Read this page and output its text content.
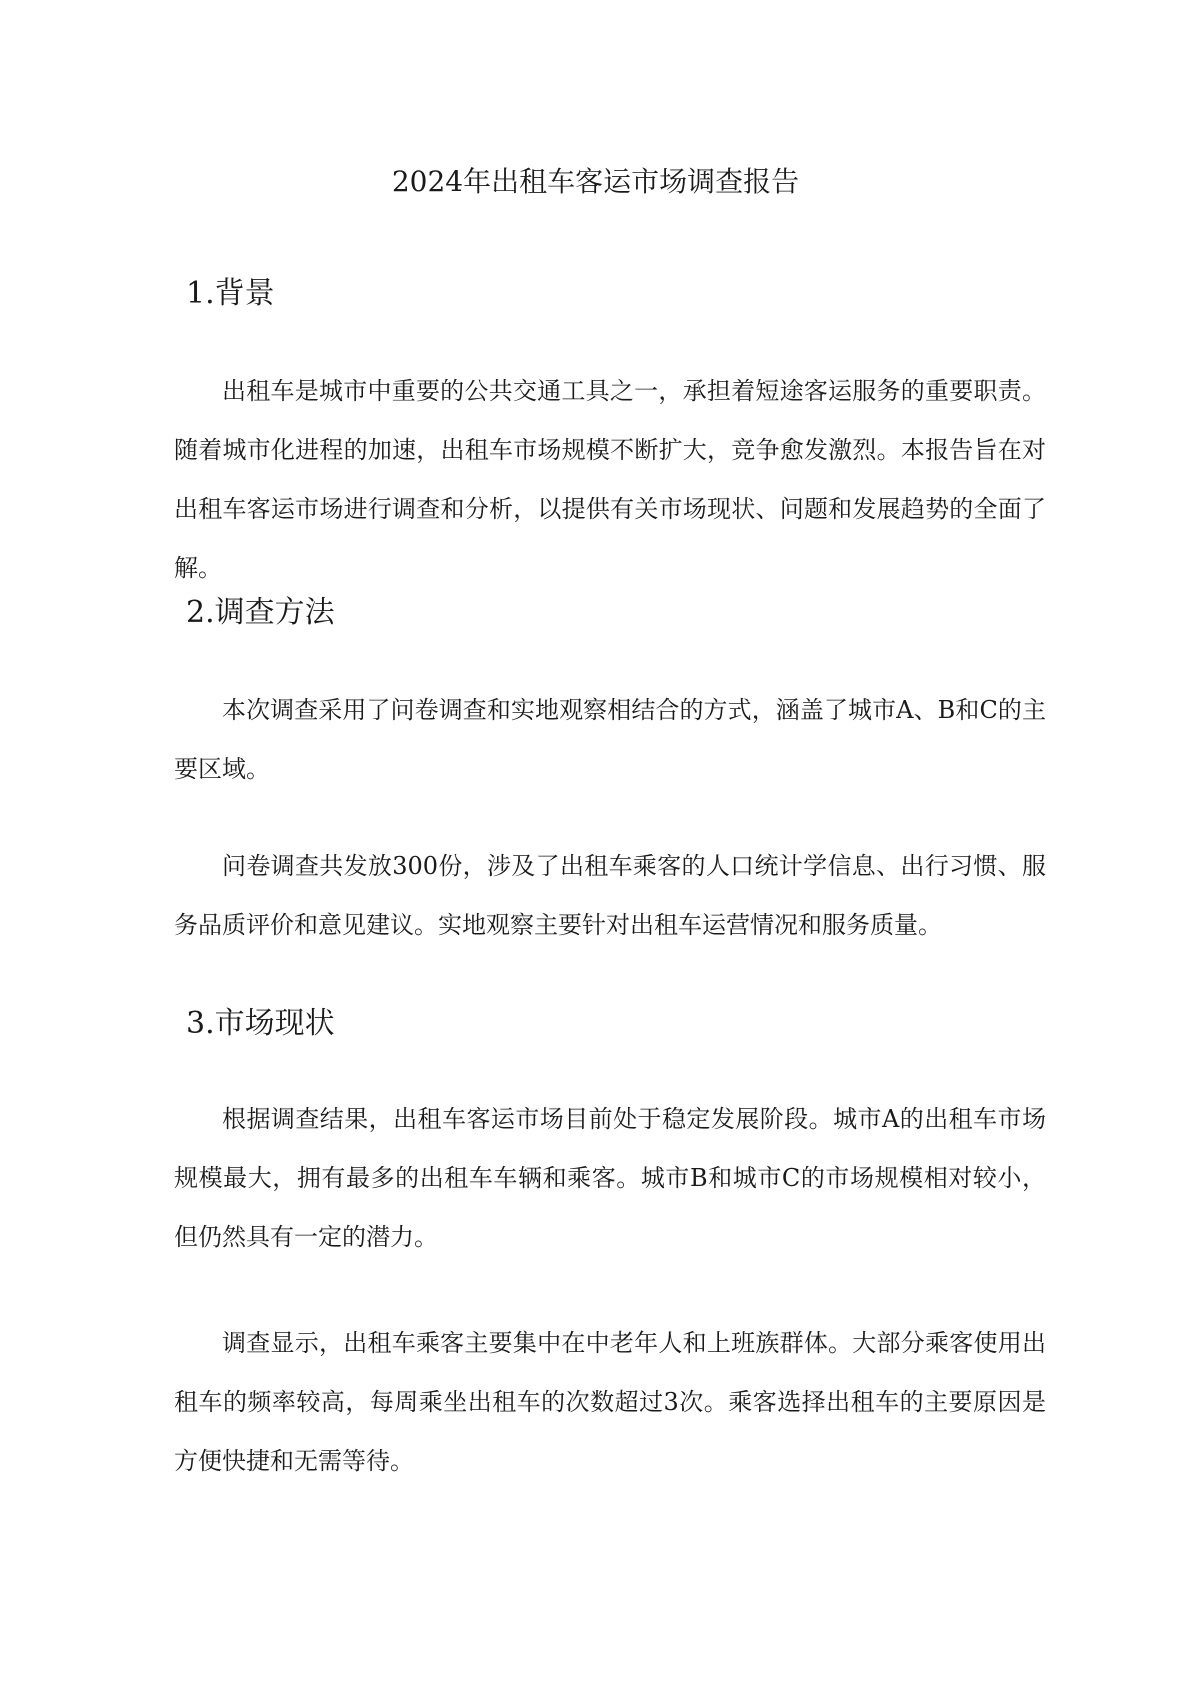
2024年出租车客运市场调查报告
1.背景

出租车是城市中重要的公共交通工具之一，承担着短途客运服务的重要职责。随着城市化进程的加速，出租车市场规模不断扩大，竞争愈发激烈。本报告旨在对出租车客运市场进行调查和分析，以提供有关市场现状、问题和发展趋势的全面了解。

2.调查方法

本次调查采用了问卷调查和实地观察相结合的方式，涵盖了城市A、B和C的主要区域。

问卷调查共发放300份，涉及了出租车乘客的人口统计学信息、出行习惯、服务品质评价和意见建议。实地观察主要针对出租车运营情况和服务质量。

3.市场现状

根据调查结果，出租车客运市场目前处于稳定发展阶段。城市A的出租车市场规模最大，拥有最多的出租车车辆和乘客。城市B和城市C的市场规模相对较小，但仍然具有一定的潜力。

调查显示，出租车乘客主要集中在中老年人和上班族群体。大部分乘客使用出租车的频率较高，每周乘坐出租车的次数超过3次。乘客选择出租车的主要原因是方便快捷和无需等待。
